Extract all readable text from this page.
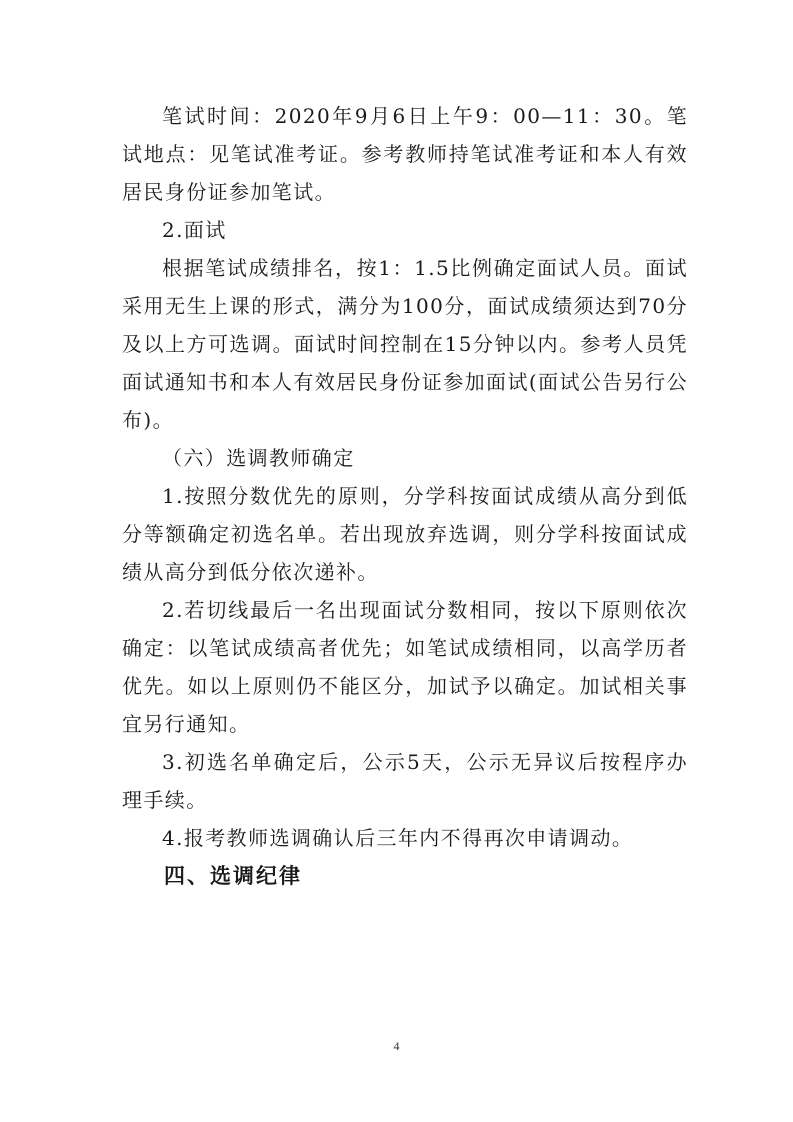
笔试时间：2020年9月6日上午9：00—11：30。笔试地点：见笔试准考证。参考教师持笔试准考证和本人有效居民身份证参加笔试。

2.面试

根据笔试成绩排名，按1：1.5比例确定面试人员。面试采用无生上课的形式，满分为100分，面试成绩须达到70分及以上方可选调。面试时间控制在15分钟以内。参考人员凭面试通知书和本人有效居民身份证参加面试(面试公告另行公布)。

（六）选调教师确定

1.按照分数优先的原则，分学科按面试成绩从高分到低分等额确定初选名单。若出现放弃选调，则分学科按面试成绩从高分到低分依次递补。

2.若切线最后一名出现面试分数相同，按以下原则依次确定：以笔试成绩高者优先；如笔试成绩相同，以高学历者优先。如以上原则仍不能区分，加试予以确定。加试相关事宜另行通知。

3.初选名单确定后，公示5天，公示无异议后按程序办理手续。

4.报考教师选调确认后三年内不得再次申请调动。

四、选调纪律

4
